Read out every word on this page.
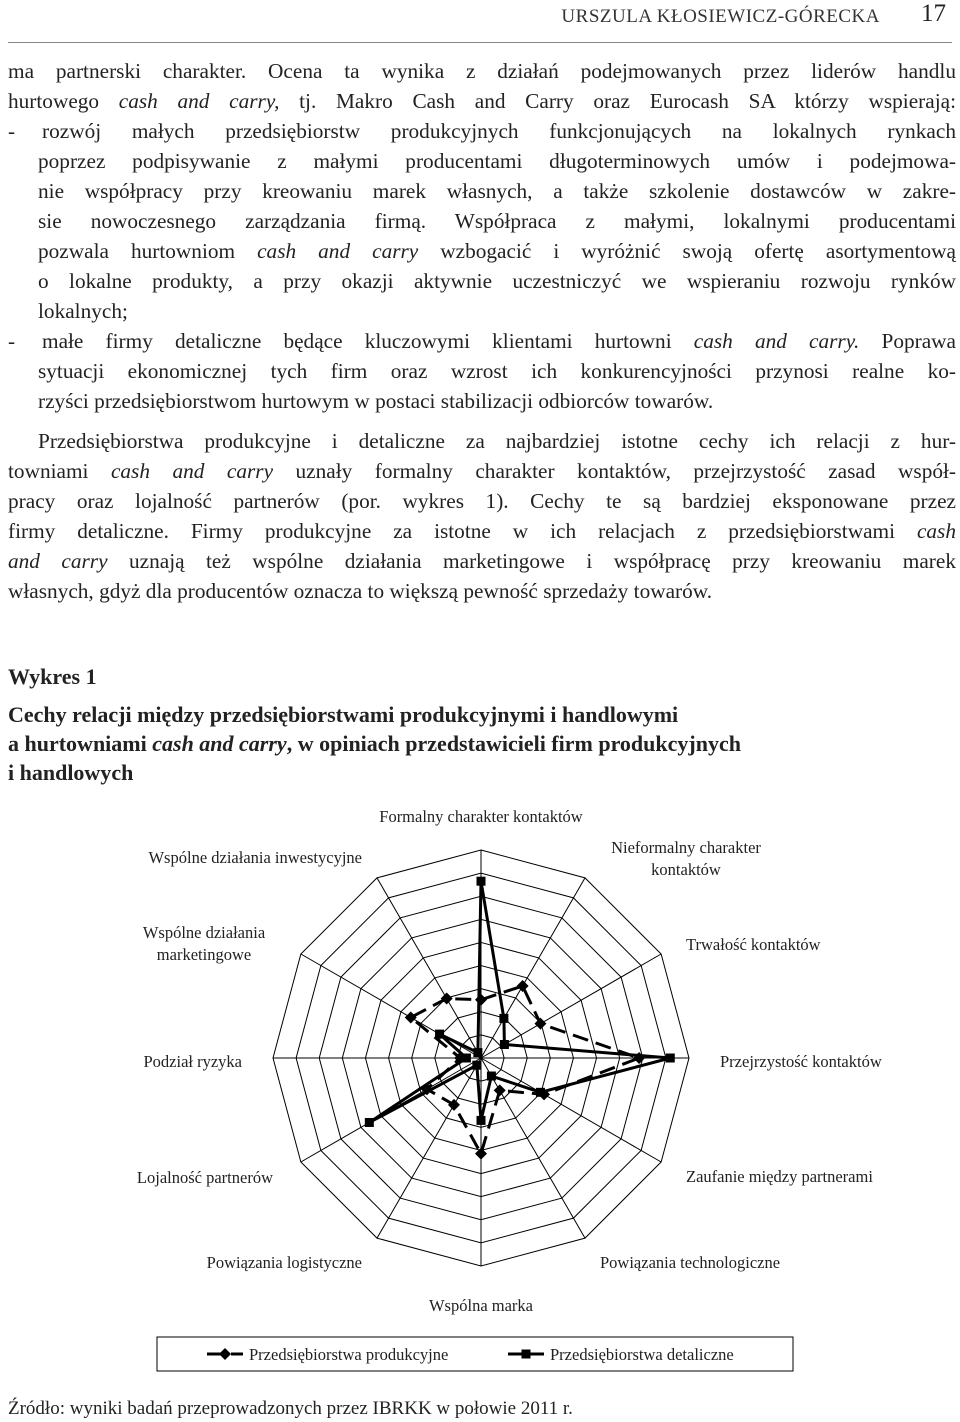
URSZULA KŁOSIEWICZ-GÓRECKA 17
ma partnerski charakter. Ocena ta wynika z działań podejmowanych przez liderów handlu
hurtowego cash and carry, tj. Makro Cash and Carry oraz Eurocash SA którzy wspierają:
- rozwój małych przedsiębiorstw produkcyjnych funkcjonujących na lokalnych rynkach
poprzez podpisywanie z małymi producentami długoterminowych umów i podejmowa-
nie współpracy przy kreowaniu marek własnych, a także szkolenie dostawców w zakre-
sie nowoczesnego zarządzania firmą. Współpraca z małymi, lokalnymi producentami
pozwala hurtowniom cash and carry wzbogacić i wyróżnić swoją ofertę asortymentową
o lokalne produkty, a przy okazji aktywnie uczestniczyć we wspieraniu rozwoju rynków
lokalnych;
- małe firmy detaliczne będące kluczowymi klientami hurtowni cash and carry. Poprawa
sytuacji ekonomicznej tych firm oraz wzrost ich konkurencyjności przynosi realne ko-
rzyści przedsiębiorstwom hurtowym w postaci stabilizacji odbiorców towarów.
Przedsiębiorstwa produkcyjne i detaliczne za najbardziej istotne cechy ich relacji z hur-
towniami cash and carry uznały formalny charakter kontaktów, przejrzystość zasad współ-
pracy oraz lojalność partnerów (por. wykres 1). Cechy te są bardziej eksponowane przez
firmy detaliczne. Firmy produkcyjne za istotne w ich relacjach z przedsiębiorstwami cash
and carry uznają też wspólne działania marketingowe i współpracę przy kreowaniu marek
własnych, gdyż dla producentów oznacza to większą pewność sprzedaży towarów.
Wykres 1
Cechy relacji między przedsiębiorstwami produkcyjnymi i handlowymi
a hurtowniami cash and carry, w opiniach przedstawicieli firm produkcyjnych
i handlowych
Formalny charakter kontaktów
Nieformalny charakter kontaktów
Trwałość kontaktów
Przejrzystość kontaktów
Zaufanie między partnerami
Powiązania technologiczne
Wspólna marka
Powiązania logistyczne
Lojalność partnerów
Podział ryzyka
Wspólne działania marketingowe
Wspólne działania inwestycyjne
Przedsiębiorstwa produkcyjne	Przedsiębiorstwa detaliczne
Źródło: wyniki badań przeprowadzonych przez IBRKK w połowie 2011 r.
